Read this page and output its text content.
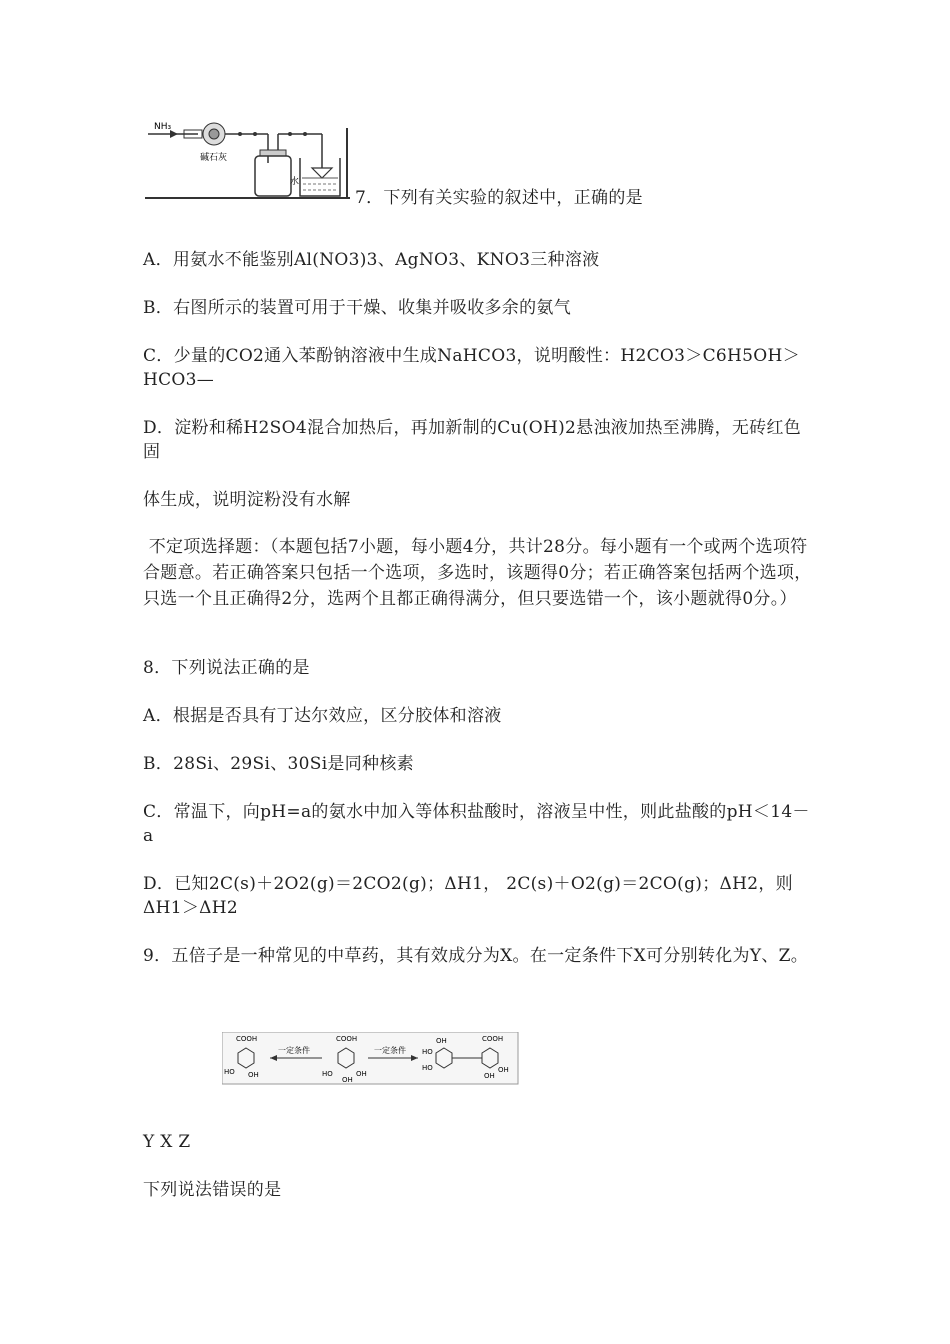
NH₃
碱石灰
水

7．下列有关实验的叙述中，正确的是

A．用氨水不能鉴别Al(NO3)3、AgNO3、KNO3三种溶液

B．右图所示的装置可用于干燥、收集并吸收多余的氨气

C．少量的CO2通入苯酚钠溶液中生成NaHCO3，说明酸性：H2CO3＞C6H5OH＞HCO3—

D．淀粉和稀H2SO4混合加热后，再加新制的Cu(OH)2悬浊液加热至沸腾，无砖红色固

体生成，说明淀粉没有水解

不定项选择题：（本题包括7小题，每小题4分，共计28分。每小题有一个或两个选项符合题意。若正确答案只包括一个选项，多选时，该题得0分；若正确答案包括两个选项，只选一个且正确得2分，选两个且都正确得满分，但只要选错一个，该小题就得0分。）

8．下列说法正确的是

A．根据是否具有丁达尔效应，区分胶体和溶液

B．28Si、29Si、30Si是同种核素

C．常温下，向pH=a的氨水中加入等体积盐酸时，溶液呈中性，则此盐酸的pH＜14－a

D．已知2C(s)＋2O2(g)＝2CO2(g)；ΔH1， 2C(s)＋O2(g)＝2CO(g)；ΔH2，则ΔH1＞ΔH2

9．五倍子是一种常见的中草药，其有效成分为X。在一定条件下X可分别转化为Y、Z。

COOH
HO OH
一定条件
COOH
HO
OH
OH
一定条件
OH
HO
HO
COOH
OH
OH

Y X Z

下列说法错误的是
